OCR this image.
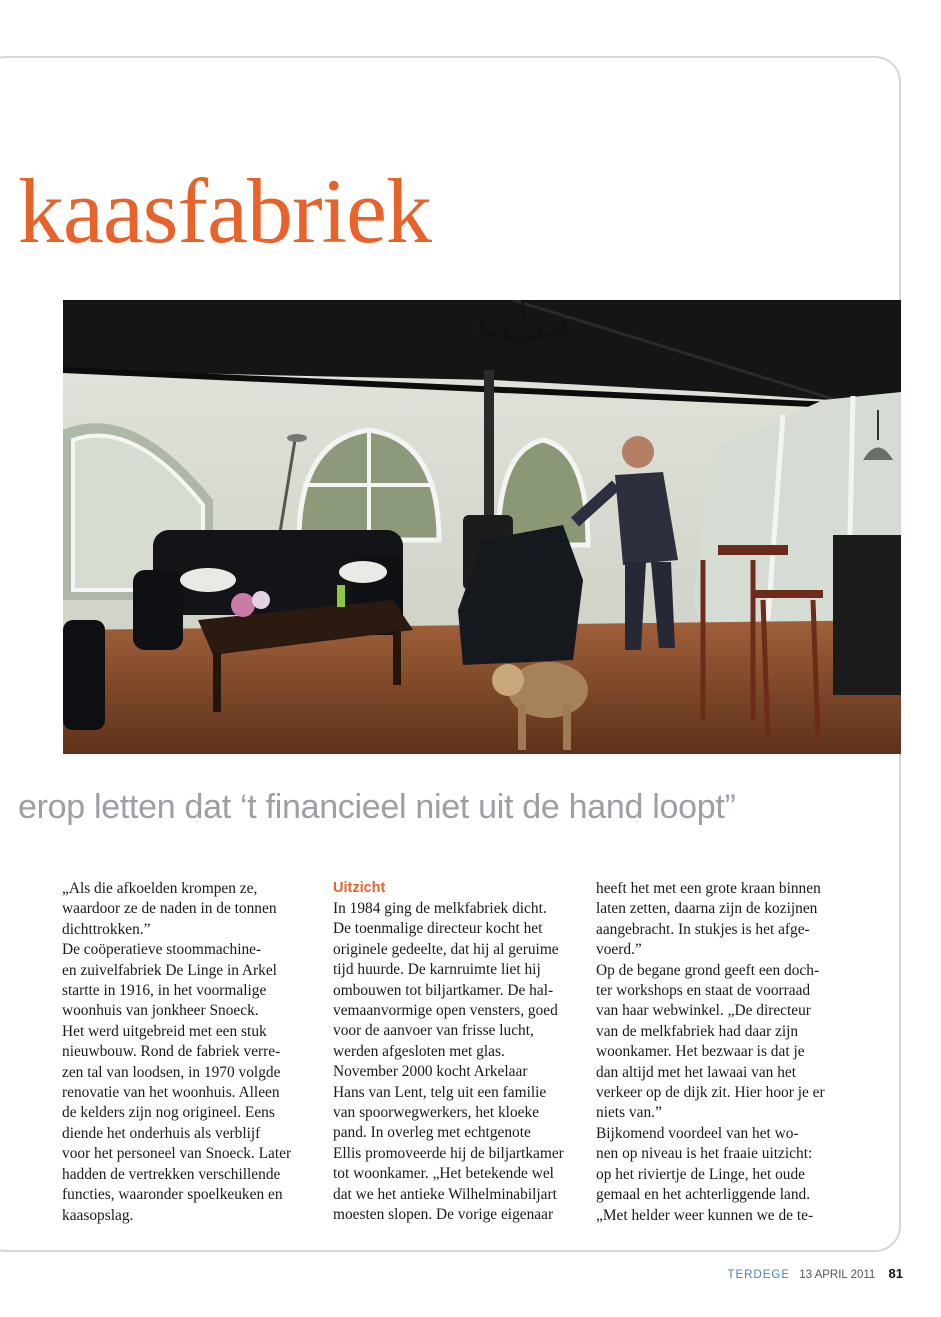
kaasfabriek
erop letten dat ‘t financieel niet uit de hand loopt”

„Als die afkoelden krompen ze,

waardoor ze de naden in de tonnen

dichttrokken.”

De coöperatieve stoommachine-

en zuivelfabriek De Linge in Arkel

startte in 1916, in het voormalige

woonhuis van jonkheer Snoeck.

Het werd uitgebreid met een stuk

nieuwbouw. Rond de fabriek verre-

zen tal van loodsen, in 1970 volgde

renovatie van het woonhuis. Alleen

de kelders zijn nog origineel. Eens

diende het onderhuis als verblijf

voor het personeel van Snoeck. Later

hadden de vertrekken verschillende

functies, waaronder spoelkeuken en

kaasopslag.

Uitzicht

In 1984 ging de melkfabriek dicht.

De toenmalige directeur kocht het

originele gedeelte, dat hij al geruime

tijd huurde. De karnruimte liet hij

ombouwen tot biljartkamer. De hal-

vemaanvormige open vensters, goed

voor de aanvoer van frisse lucht,

werden afgesloten met glas.

November 2000 kocht Arkelaar

Hans van Lent, telg uit een familie

van spoorwegwerkers, het kloeke

pand. In overleg met echtgenote

Ellis promoveerde hij de biljartkamer

tot woonkamer. „Het betekende wel

dat we het antieke Wilhelminabiljart

moesten slopen. De vorige eigenaar

heeft het met een grote kraan binnen

laten zetten, daarna zijn de kozijnen

aangebracht. In stukjes is het afge-

voerd.”

Op de begane grond geeft een doch-

ter workshops en staat de voorraad

van haar webwinkel. „De directeur

van de melkfabriek had daar zijn

woonkamer. Het bezwaar is dat je

dan altijd met het lawaai van het

verkeer op de dijk zit. Hier hoor je er

niets van.”

Bijkomend voordeel van het wo-

nen op niveau is het fraaie uitzicht:

op het riviertje de Linge, het oude

gemaal en het achterliggende land.

„Met helder weer kunnen we de te-

TERDEGE 13 APRIL 2011 81
